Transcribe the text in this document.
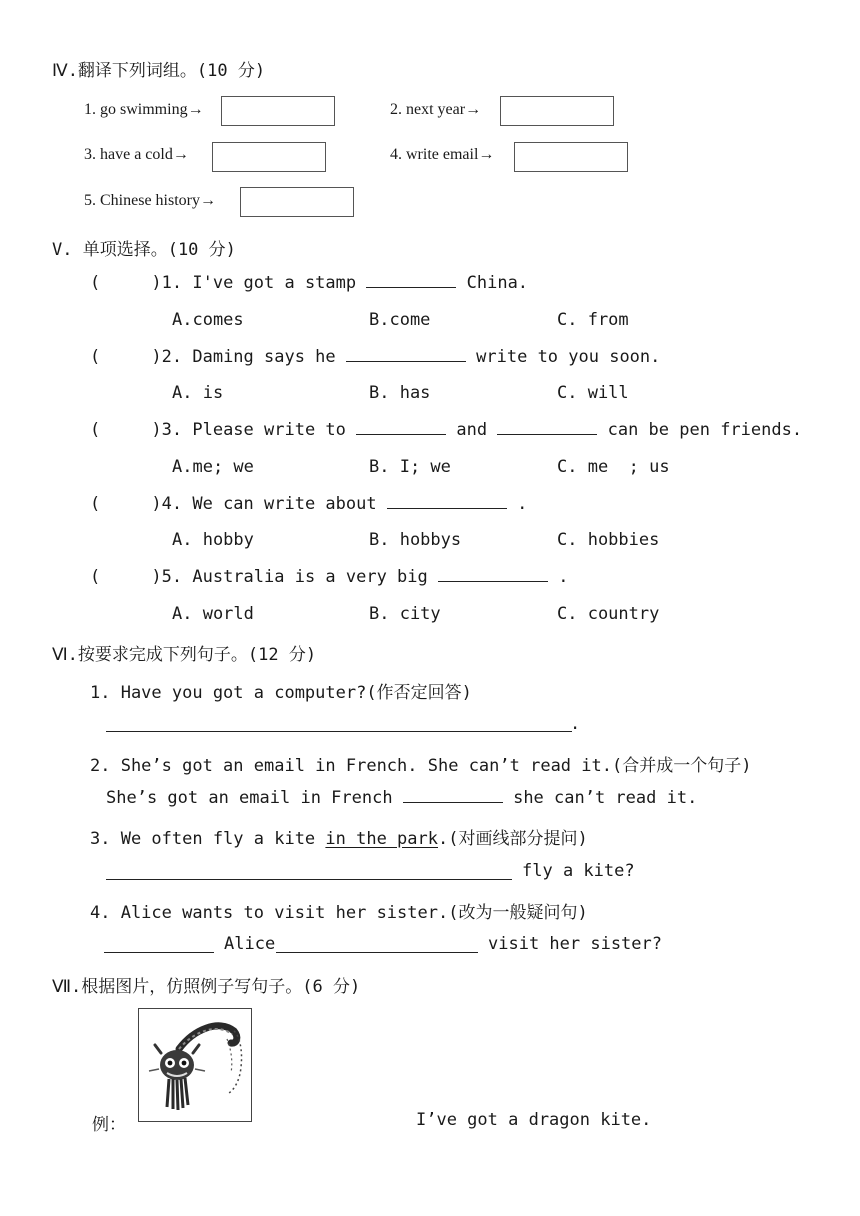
Ⅳ.翻译下列词组。(10 分)
1. go swimming→	2. next year→
3. have a cold→	4. write email→
5. Chinese history→
V. 单项选择。(10 分)
(     )1. I've got a stamp	China.
A.comes	B.come	C. from
(     )2. Daming says he	write to you soon.
A. is	B. has	C. will
(     )3. Please write to	and	can be pen friends.
A.me; we	B. I; we	C. me  ; us
(     )4. We can write about	.
A. hobby	B. hobbys	C. hobbies
(     )5. Australia is a very big	.
A. world	B. city	C. country
Ⅵ.按要求完成下列句子。(12 分)
1. Have you got a computer?(作否定回答)
.
2. She’s got an email in French. She can’t read it.(合并成一个句子)
She’s got an email in French	she can’t read it.
3. We often fly a kite in the park.(对画线部分提问)
fly a kite?
4. Alice wants to visit her sister.(改为一般疑问句)
Alice	visit her sister?
Ⅶ.根据图片，仿照例子写句子。(6 分)
例：	I’ve got a dragon kite.
